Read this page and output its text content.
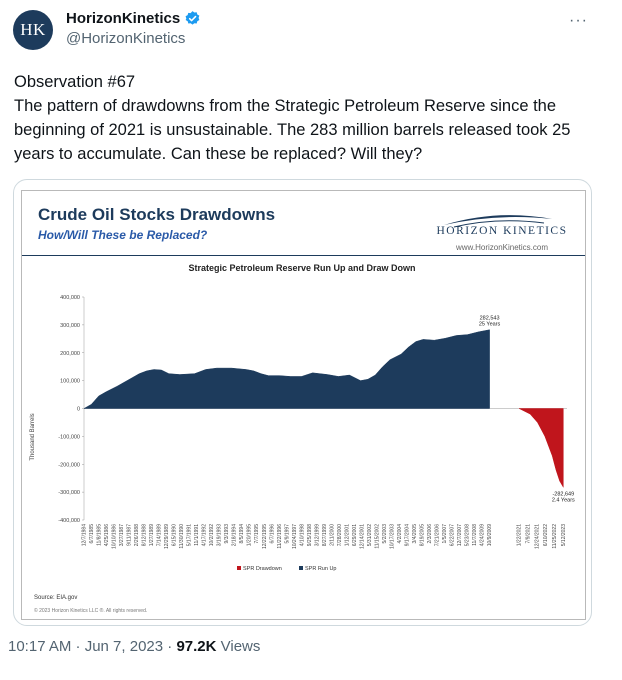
HK
HorizonKinetics
@HorizonKinetics
···

Observation #67

The pattern of drawdowns from the Strategic Petroleum Reserve since the beginning of 2021 is unsustainable. The 283 million barrels released took 25 years to accumulate. Can these be replaced? Will they?

Crude Oil Stocks Drawdowns
How/Will These be Replaced?	HORIZON KINETICS
www.HorizonKinetics.com
Strategic Petroleum Reserve Run Up and Draw Down
400,000
300,000
200,000
100,000
0
-100,000
-200,000
-300,000
-400,000
12/7/1984 6/7/1985 11/8/1985 4/25/1986 10/10/1986 3/27/1987 9/11/1987 2/26/1988 8/12/1988 1/27/1989 7/14/1989 12/29/1989 6/15/1990 11/30/1990 5/17/1991 11/1/1991 4/17/1992 10/2/1992 3/19/1993 9/3/1993 2/18/1994 8/5/1994 1/20/1995 7/7/1995 12/22/1995 6/7/1996 11/22/1996 5/9/1997 10/24/1997 4/10/1998 9/25/1998 3/12/1999 8/27/1999 2/11/2000 7/28/2000 1/12/2001 6/29/2001 12/14/2001 5/31/2002 11/15/2002 5/2/2003 10/17/2003 4/2/2004 9/17/2004 3/4/2005 8/19/2005 2/3/2006 7/21/2006 1/5/2007 6/22/2007 12/7/2007 5/23/2008 11/7/2008 4/24/2009 10/9/2009	1/22/2021 7/9/2021 12/24/2021 6/10/2022 11/25/2022 5/12/2023
282,543
25 Years
-282,649
2.4 Years
Thousand Barrels
SPR Drawdown	SPR Run Up
Source: EIA.gov
© 2023 Horizon Kinetics LLC ®. All rights reserved.
10:17 AM · Jun 7, 2023 · 97.2K Views
